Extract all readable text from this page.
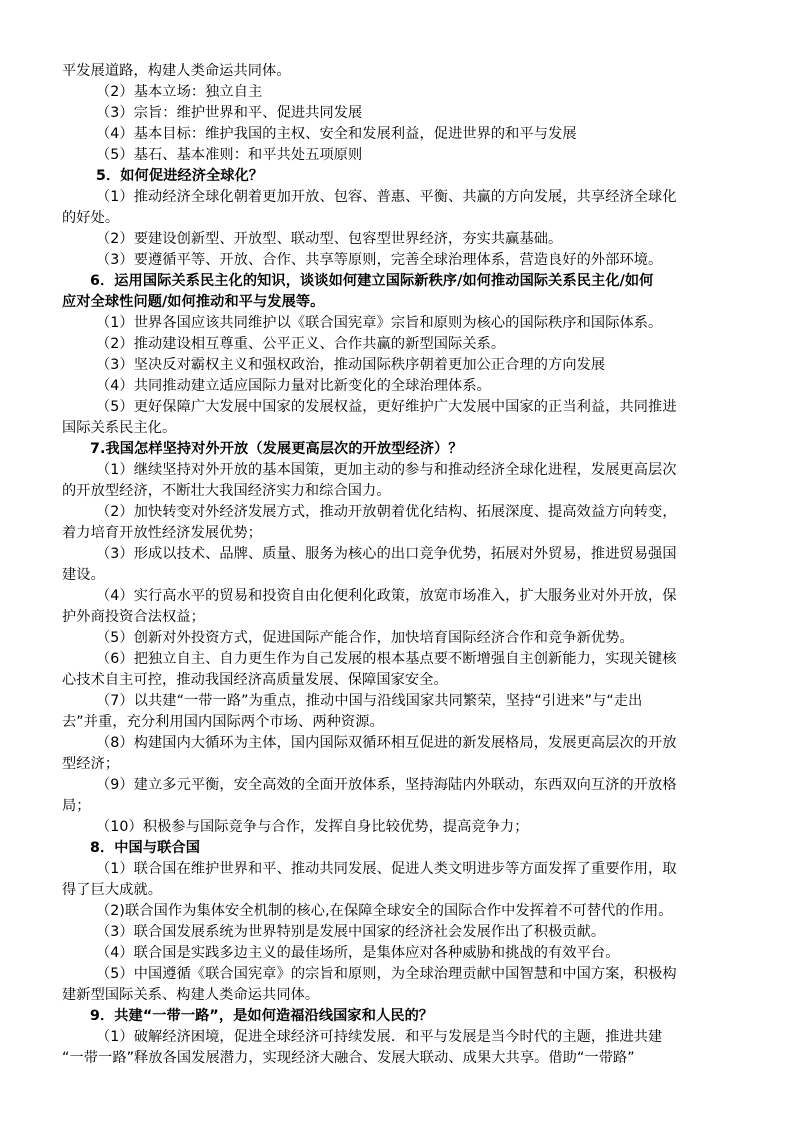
平发展道路，构建人类命运共同体。
（2）基本立场：独立自主
（3）宗旨：维护世界和平、促进共同发展
（4）基本目标：维护我国的主权、安全和发展利益，促进世界的和平与发展
（5）基石、基本准则：和平共处五项原则
5．如何促进经济全球化？
（1）推动经济全球化朝着更加开放、包容、普惠、平衡、共赢的方向发展，共享经济全球化
的好处。
（2）要建设创新型、开放型、联动型、包容型世界经济，夯实共赢基础。
（3）要遵循平等、开放、合作、共享等原则，完善全球治理体系，营造良好的外部环境。
6．运用国际关系民主化的知识，谈谈如何建立国际新秩序/如何推动国际关系民主化/如何
应对全球性问题/如何推动和平与发展等。
（1）世界各国应该共同维护以《联合国宪章》宗旨和原则为核心的国际秩序和国际体系。
（2）推动建设相互尊重、公平正义、合作共赢的新型国际关系。
（3）坚决反对霸权主义和强权政治，推动国际秩序朝着更加公正合理的方向发展
（4）共同推动建立适应国际力量对比新变化的全球治理体系。
（5）更好保障广大发展中国家的发展权益，更好维护广大发展中国家的正当利益，共同推进
国际关系民主化。
7.我国怎样坚持对外开放（发展更高层次的开放型经济）？
（1）继续坚持对外开放的基本国策，更加主动的参与和推动经济全球化进程，发展更高层次
的开放型经济，不断壮大我国经济实力和综合国力。
（2）加快转变对外经济发展方式，推动开放朝着优化结构、拓展深度、提高效益方向转变，
着力培育开放性经济发展优势；
（3）形成以技术、品牌、质量、服务为核心的出口竞争优势，拓展对外贸易，推进贸易强国
建设。
（4）实行高水平的贸易和投资自由化便利化政策，放宽市场准入，扩大服务业对外开放，保
护外商投资合法权益；
（5）创新对外投资方式，促进国际产能合作，加快培育国际经济合作和竞争新优势。
（6）把独立自主、自力更生作为自己发展的根本基点要不断增强自主创新能力，实现关键核
心技术自主可控，推动我国经济高质量发展、保障国家安全。
（7）以共建“一带一路”为重点，推动中国与沿线国家共同繁荣，坚持“引进来”与“走出
去”并重，充分利用国内国际两个市场、两种资源。
（8）构建国内大循环为主体，国内国际双循环相互促进的新发展格局，发展更高层次的开放
型经济；
（9）建立多元平衡，安全高效的全面开放体系，坚持海陆内外联动，东西双向互济的开放格
局；
（10）积极参与国际竞争与合作，发挥自身比较优势，提高竞争力；
8．中国与联合国
（1）联合国在维护世界和平、推动共同发展、促进人类文明进步等方面发挥了重要作用，取
得了巨大成就。
（2)联合国作为集体安全机制的核心,在保障全球安全的国际合作中发挥着不可替代的作用。
（3）联合国发展系统为世界特别是发展中国家的经济社会发展作出了积极贡献。
（4）联合国是实践多边主义的最佳场所，是集体应对各种威胁和挑战的有效平台。
（5）中国遵循《联合国宪章》的宗旨和原则，为全球治理贡献中国智慧和中国方案，积极构
建新型国际关系、构建人类命运共同体。
9．共建“一带一路”，是如何造福沿线国家和人民的？
（1）破解经济困境，促进全球经济可持续发展．和平与发展是当今时代的主题，推进共建
“一带一路”释放各国发展潜力，实现经济大融合、发展大联动、成果大共享。借助“一带路”
